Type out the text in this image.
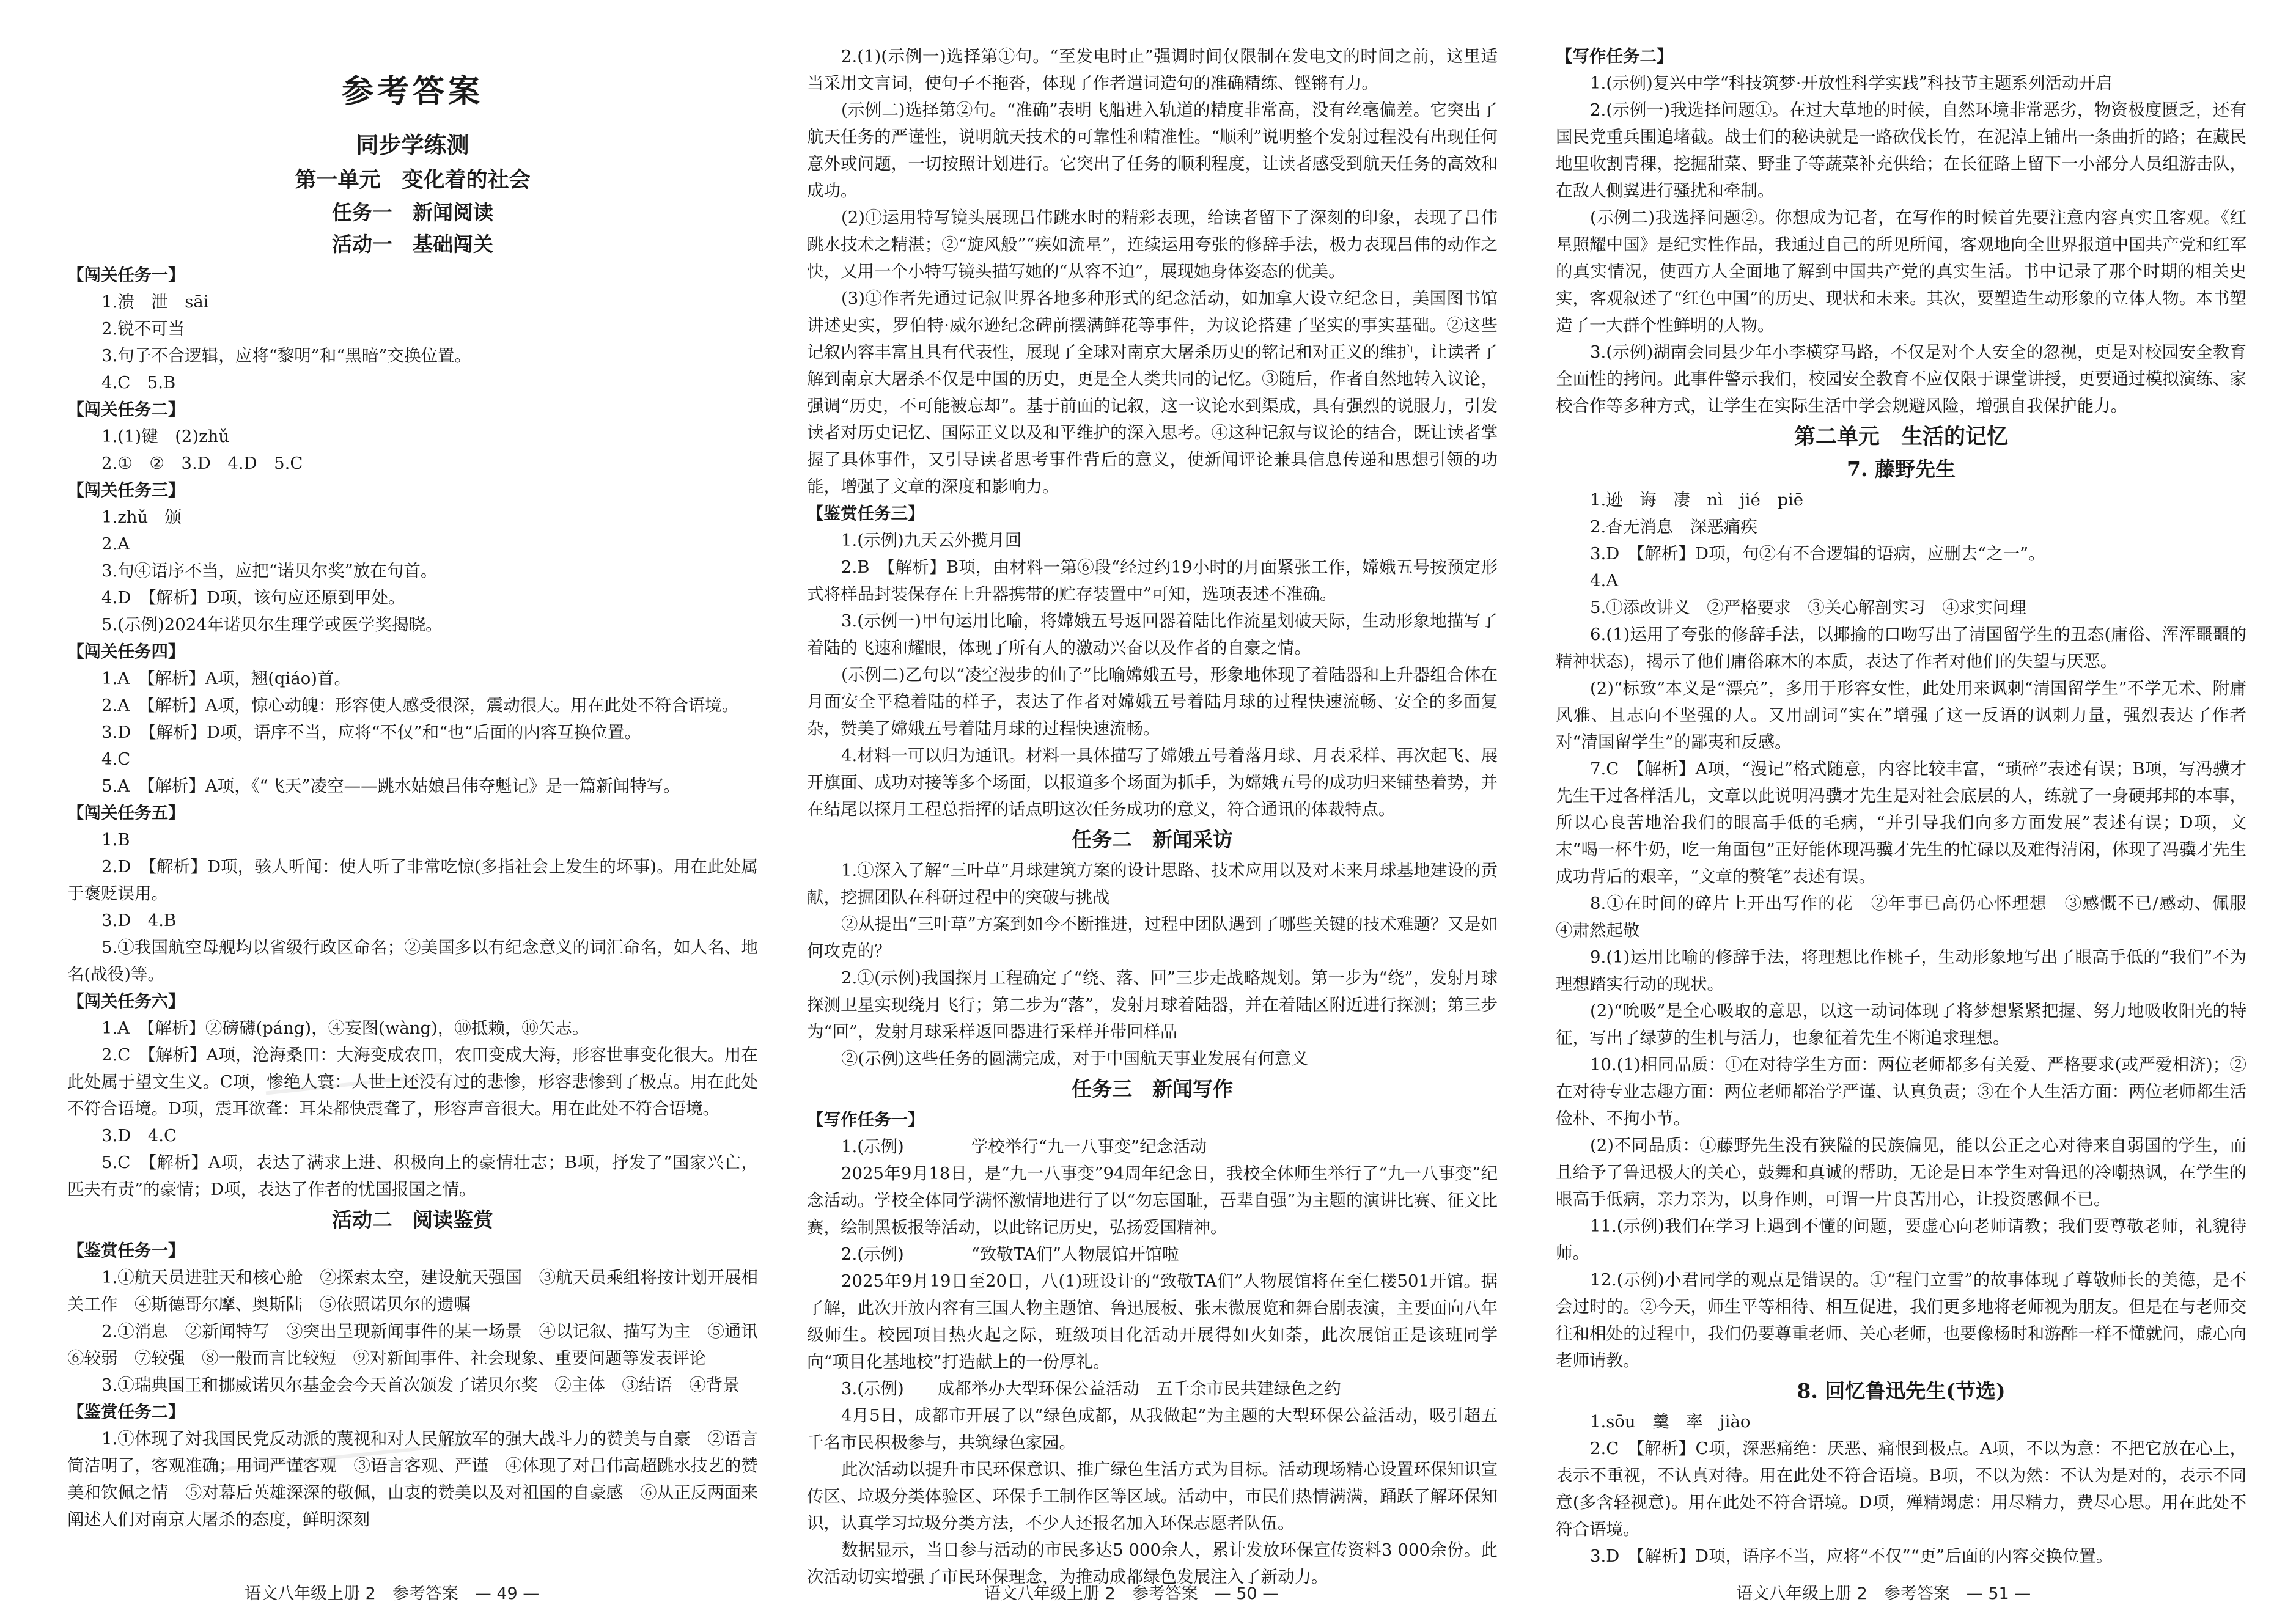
参考答案
同步学练测
第一单元　变化着的社会
任务一　新闻阅读
活动一　基础闯关

【闯关任务一】

1.溃　泄　sāi

2.锐不可当

3.句子不合逻辑，应将“黎明”和“黑暗”交换位置。

4.C　5.B

【闯关任务二】

1.(1)键　(2)zhǔ

2.①　②　3.D　4.D　5.C

【闯关任务三】

1.zhǔ　颁

2.A

3.句④语序不当，应把“诺贝尔奖”放在句首。

4.D　【解析】D项，该句应还原到甲处。

5.(示例)2024年诺贝尔生理学或医学奖揭晓。

【闯关任务四】

1.A　【解析】A项，翘(qiáo)首。

2.A　【解析】A项，惊心动魄：形容使人感受很深，震动很大。用在此处不符合语境。

3.D　【解析】D项，语序不当，应将“不仅”和“也”后面的内容互换位置。

4.C

5.A　【解析】A项，《“飞天”凌空——跳水姑娘吕伟夺魁记》是一篇新闻特写。

【闯关任务五】

1.B

2.D　【解析】D项，骇人听闻：使人听了非常吃惊(多指社会上发生的坏事)。用在此处属于褒贬误用。

3.D　4.B

5.①我国航空母舰均以省级行政区命名；②美国多以有纪念意义的词汇命名，如人名、地名(战役)等。

【闯关任务六】

1.A　【解析】②磅礴(páng)，④妄图(wàng)，⑩抵赖，⑩矢志。

2.C　【解析】A项，沧海桑田：大海变成农田，农田变成大海，形容世事变化很大。用在此处属于望文生义。C项，惨绝人寰：人世上还没有过的悲惨，形容悲惨到了极点。用在此处不符合语境。D项，震耳欲聋：耳朵都快震聋了，形容声音很大。用在此处不符合语境。

3.D　4.C

5.C　【解析】A项，表达了满求上进、积极向上的豪情壮志；B项，抒发了“国家兴亡，匹夫有责”的豪情；D项，表达了作者的忧国报国之情。

活动二　阅读鉴赏

【鉴赏任务一】

1.①航天员进驻天和核心舱　②探索太空，建设航天强国　③航天员乘组将按计划开展相关工作　④斯德哥尔摩、奥斯陆　⑤依照诺贝尔的遗嘱

2.①消息　②新闻特写　③突出呈现新闻事件的某一场景　④以记叙、描写为主　⑤通讯　⑥较弱　⑦较强　⑧一般而言比较短　⑨对新闻事件、社会现象、重要问题等发表评论

3.①瑞典国王和挪威诺贝尔基金会今天首次颁发了诺贝尔奖　②主体　③结语　④背景

【鉴赏任务二】

1.①体现了対我国民党反动派的蔑视和对人民解放军的强大战斗力的赞美与自豪　②语言简洁明了，客观准确；用词严谨客观　③语言客观、严谨　④体现了对吕伟高超跳水技艺的赞美和钦佩之情　⑤对幕后英雄深深的敬佩，由衷的赞美以及对祖国的自豪感　⑥从正反两面来阐述人们对南京大屠杀的态度，鲜明深刻

2.(1)(示例一)选择第①句。“至发电时止”强调时间仅限制在发电文的时间之前，这里适当采用文言词，使句子不拖沓，体现了作者遣词造句的准确精练、铿锵有力。

(示例二)选择第②句。“准确”表明飞船进入轨道的精度非常高，没有丝毫偏差。它突出了航天任务的严谨性，说明航天技术的可靠性和精准性。“顺利”说明整个发射过程没有出现任何意外或问题，一切按照计划进行。它突出了任务的顺利程度，让读者感受到航天任务的高效和成功。

(2)①运用特写镜头展现吕伟跳水时的精彩表现，给读者留下了深刻的印象，表现了吕伟跳水技术之精湛；②“旋风般”“疾如流星”，连续运用夸张的修辞手法，极力表现吕伟的动作之快，又用一个小特写镜头描写她的“从容不迫”，展现她身体姿态的优美。

(3)①作者先通过记叙世界各地多种形式的纪念活动，如加拿大设立纪念日，美国图书馆讲述史实，罗伯特·威尔逊纪念碑前摆满鲜花等事件，为议论搭建了坚实的事实基础。②这些记叙内容丰富且具有代表性，展现了全球对南京大屠杀历史的铭记和对正义的维护，让读者了解到南京大屠杀不仅是中国的历史，更是全人类共同的记忆。③随后，作者自然地转入议论，强调“历史，不可能被忘却”。基于前面的记叙，这一议论水到渠成，具有强烈的说服力，引发读者对历史记忆、国际正义以及和平维护的深入思考。④这种记叙与议论的结合，既让读者掌握了具体事件，又引导读者思考事件背后的意义，使新闻评论兼具信息传递和思想引领的功能，增强了文章的深度和影响力。

【鉴赏任务三】

1.(示例)九天云外揽月回

2.B　【解析】B项，由材料一第⑥段“经过约19小时的月面紧张工作，嫦娥五号按预定形式将样品封装保存在上升器携带的贮存装置中”可知，选项表述不准确。

3.(示例一)甲句运用比喻，将嫦娥五号返回器着陆比作流星划破天际，生动形象地描写了着陆的飞速和耀眼，体现了所有人的激动兴奋以及作者的自豪之情。

(示例二)乙句以“凌空漫步的仙子”比喻嫦娥五号，形象地体现了着陆器和上升器组合体在月面安全平稳着陆的样子，表达了作者对嫦娥五号着陆月球的过程快速流畅、安全的多面复杂，赞美了嫦娥五号着陆月球的过程快速流畅。

4.材料一可以归为通讯。材料一具体描写了嫦娥五号着落月球、月表采样、再次起飞、展开旗面、成功对接等多个场面，以报道多个场面为抓手，为嫦娥五号的成功归来铺垫着势，并在结尾以探月工程总指挥的话点明这次任务成功的意义，符合通讯的体裁特点。

任务二　新闻采访

1.①深入了解“三叶草”月球建筑方案的设计思路、技术应用以及对未来月球基地建设的贡献，挖掘团队在科研过程中的突破与挑战

②从提出“三叶草”方案到如今不断推进，过程中团队遇到了哪些关键的技术难题？又是如何攻克的？

2.①(示例)我国探月工程确定了“绕、落、回”三步走战略规划。第一步为“绕”，发射月球探测卫星实现绕月飞行；第二步为“落”，发射月球着陆器，并在着陆区附近进行探测；第三步为“回”，发射月球采样返回器进行采样并带回样品

②(示例)这些任务的圆满完成，对于中国航天事业发展有何意义

任务三　新闻写作

【写作任务一】

1.(示例)　　　　学校举行“九一八事变”纪念活动

2025年9月18日，是“九一八事变”94周年纪念日，我校全体师生举行了“九一八事变”纪念活动。学校全体同学满怀激情地进行了以“勿忘国耻，吾辈自强”为主题的演讲比赛、征文比赛，绘制黑板报等活动，以此铭记历史，弘扬爱国精神。

2.(示例)　　　　“致敬TA们”人物展馆开馆啦

2025年9月19日至20日，八(1)班设计的“致敬TA们”人物展馆将在至仁楼501开馆。据了解，此次开放内容有三国人物主题馆、鲁迅展板、张末微展览和舞台剧表演，主要面向八年级师生。校园项目热火起之际，班级项目化活动开展得如火如荼，此次展馆正是该班同学向“项目化基地校”打造献上的一份厚礼。

3.(示例)　　成都举办大型环保公益活动　五千余市民共建绿色之约

4月5日，成都市开展了以“绿色成都，从我做起”为主题的大型环保公益活动，吸引超五千名市民积极参与，共筑绿色家园。

此次活动以提升市民环保意识、推广绿色生活方式为目标。活动现场精心设置环保知识宣传区、垃圾分类体验区、环保手工制作区等区域。活动中，市民们热情满满，踊跃了解环保知识，认真学习垃圾分类方法，不少人还报名加入环保志愿者队伍。

数据显示，当日参与活动的市民多达5 000余人，累计发放环保宣传资料3 000余份。此次活动切实增强了市民环保理念，为推动成都绿色发展注入了新动力。

【写作任务二】

1.(示例)复兴中学“科技筑梦·开放性科学实践”科技节主题系列活动开启

2.(示例一)我选择问题①。在过大草地的时候，自然环境非常恶劣，物资极度匮乏，还有国民党重兵围追堵截。战士们的秘诀就是一路砍伐长竹，在泥淖上铺出一条曲折的路；在藏民地里收割青稞，挖掘甜菜、野韭子等蔬菜补充供给；在长征路上留下一小部分人员组游击队，在敌人侧翼进行骚扰和牵制。

(示例二)我选择问题②。你想成为记者，在写作的时候首先要注意内容真实且客观。《红星照耀中国》是纪实性作品，我通过自己的所见所闻，客观地向全世界报道中国共产党和红军的真实情况，使西方人全面地了解到中国共产党的真实生活。书中记录了那个时期的相关史实，客观叙述了“红色中国”的历史、现状和未来。其次，要塑造生动形象的立体人物。本书塑造了一大群个性鲜明的人物。

3.(示例)湖南会同县少年小李横穿马路，不仅是对个人安全的忽视，更是对校园安全教育全面性的拷问。此事件警示我们，校园安全教育不应仅限于课堂讲授，更要通过模拟演练、家校合作等多种方式，让学生在实际生活中学会规避风险，增强自我保护能力。

第二单元　生活的记忆
7. 藤野先生

1.逊　诲　凄　nì　jié　piē

2.杳无消息　深恶痛疾

3.D　【解析】D项，句②有不合逻辑的语病，应删去“之一”。

4.A

5.①添改讲义　②严格要求　③关心解剖实习　④求实问理

6.(1)运用了夸张的修辞手法，以揶揄的口吻写出了清国留学生的丑态(庸俗、浑浑噩噩的精神状态)，揭示了他们庸俗麻木的本质，表达了作者对他们的失望与厌恶。

(2)“标致”本义是“漂亮”，多用于形容女性，此处用来讽刺“清国留学生”不学无术、附庸风雅、且志向不坚强的人。又用副词“实在”增强了这一反语的讽刺力量，强烈表达了作者对“清国留学生”的鄙夷和反感。

7.C　【解析】A项，“漫记”格式随意，内容比较丰富，“琐碎”表述有误；B项，写冯骥才先生干过各样活儿，文章以此说明冯骥才先生是对社会底层的人，练就了一身硬邦邦的本事，所以心良苦地治我们的眼高手低的毛病，“并引导我们向多方面发展”表述有误；D项，文末“喝一杯牛奶，吃一角面包”正好能体现冯骥才先生的忙碌以及难得清闲，体现了冯骥才先生成功背后的艰辛，“文章的赘笔”表述有误。

8.①在时间的碎片上开出写作的花　②年事已高仍心怀理想　③感慨不已/感动、佩服　④肃然起敬

9.(1)运用比喻的修辞手法，将理想比作桃子，生动形象地写出了眼高手低的“我们”不为理想踏实行动的现状。

(2)“吮吸”是全心吸取的意思，以这一动词体现了将梦想紧紧把握、努力地吸收阳光的特征，写出了绿萝的生机与活力，也象征着先生不断追求理想。

10.(1)相同品质：①在对待学生方面：两位老师都多有关爱、严格要求(或严爱相济)；②在对待专业志趣方面：两位老师都治学严谨、认真负责；③在个人生活方面：两位老师都生活俭朴、不拘小节。

(2)不同品质：①藤野先生没有狭隘的民族偏见，能以公正之心对待来自弱国的学生，而且给予了鲁迅极大的关心，鼓舞和真诚的帮助，无论是日本学生对鲁迅的冷嘲热讽，在学生的眼高手低病，亲力亲为，以身作则，可谓一片良苦用心，让投资感佩不已。

11.(示例)我们在学习上遇到不懂的问题，要虚心向老师请教；我们要尊敬老师，礼貌待师。

12.(示例)小君同学的观点是错误的。①“程门立雪”的故事体现了尊敬师长的美德，是不会过时的。②今天，师生平等相待、相互促进，我们更多地将老师视为朋友。但是在与老师交往和相处的过程中，我们仍要尊重老师、关心老师，也要像杨时和游酢一样不懂就问，虚心向老师请教。

8. 回忆鲁迅先生(节选)

1.sōu　羹　率　jiào

2.C　【解析】C项，深恶痛绝：厌恶、痛恨到极点。A项，不以为意：不把它放在心上，表示不重视，不认真对待。用在此处不符合语境。B项，不以为然：不认为是对的，表示不同意(多含轻视意)。用在此处不符合语境。D项，殚精竭虑：用尽精力，费尽心思。用在此处不符合语境。

3.D　【解析】D项，语序不当，应将“不仅”“更”后面的内容交换位置。

语文八年级上册 2　参考答案　— 49 —	语文八年级上册 2　参考答案　— 50 —	语文八年级上册 2　参考答案　— 51 —
